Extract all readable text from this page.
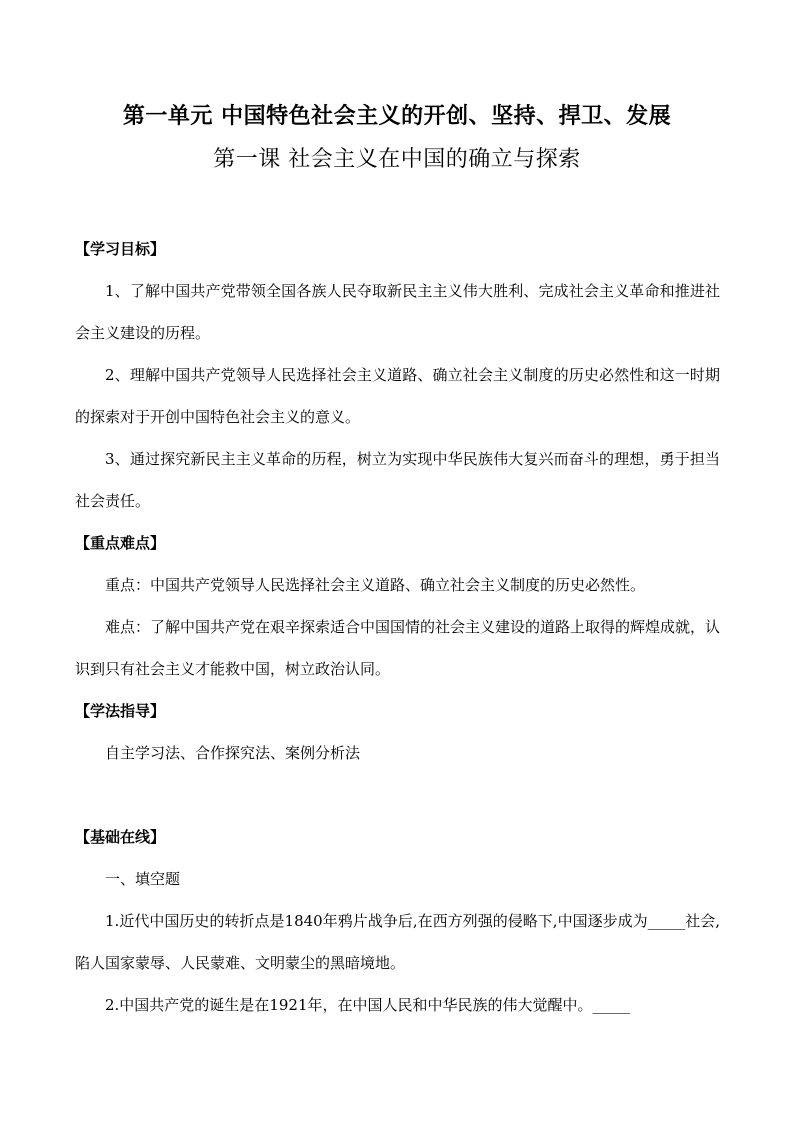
第一单元 中国特色社会主义的开创、坚持、捍卫、发展
第一课 社会主义在中国的确立与探索

【学习目标】

1、了解中国共产党带领全国各族人民夺取新民主主义伟大胜利、完成社会主义革命和推进社会主义建设的历程。

2、理解中国共产党领导人民选择社会主义道路、确立社会主义制度的历史必然性和这一时期的探索对于开创中国特色社会主义的意义。

3、通过探究新民主主义革命的历程，树立为实现中华民族伟大复兴而奋斗的理想，勇于担当社会责任。

【重点难点】

重点：中国共产党领导人民选择社会主义道路、确立社会主义制度的历史必然性。

难点：了解中国共产党在艰辛探索适合中国国情的社会主义建设的道路上取得的辉煌成就，认识到只有社会主义才能救中国，树立政治认同。

【学法指导】

自主学习法、合作探究法、案例分析法

【基础在线】

一、填空题

1.近代中国历史的转折点是1840年鸦片战争后,在西方列强的侵略下,中国逐步成为_____社会,陷人国家蒙辱、人民蒙难、文明蒙尘的黑暗境地。

2.中国共产党的诞生是在1921年，在中国人民和中华民族的伟大觉醒中。_____
